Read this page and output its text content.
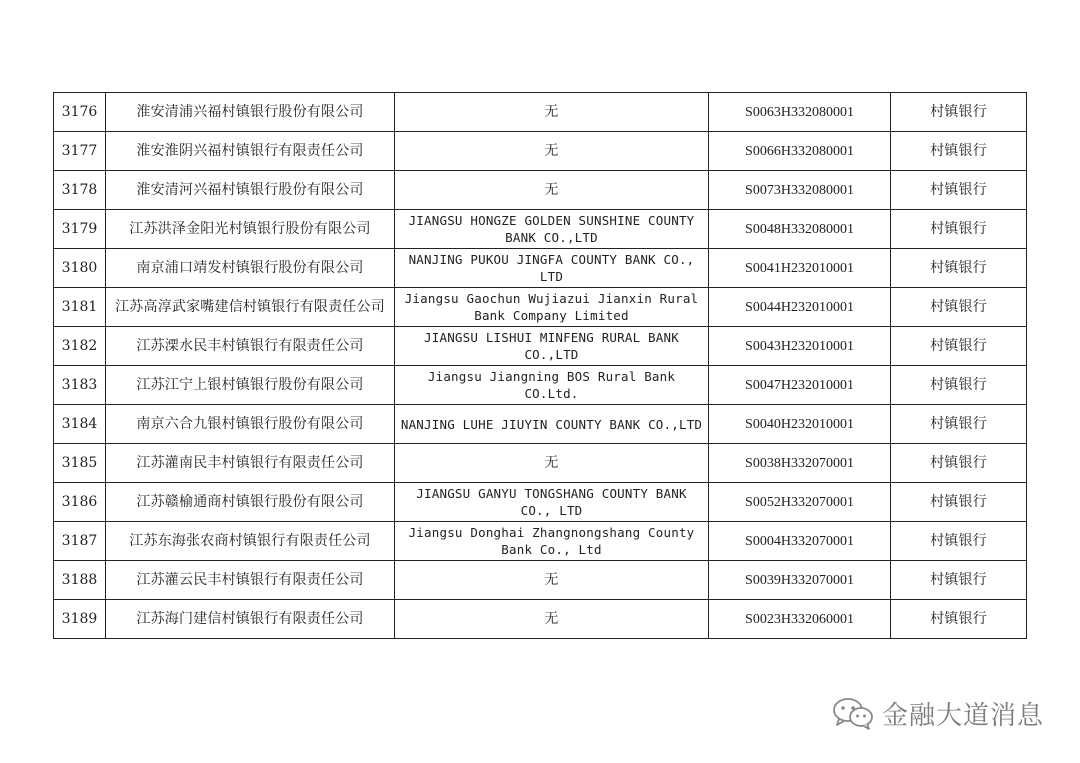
3176	淮安清浦兴福村镇银行股份有限公司	无	S0063H332080001	村镇银行
3177	淮安淮阴兴福村镇银行有限责任公司	无	S0066H332080001	村镇银行
3178	淮安清河兴福村镇银行股份有限公司	无	S0073H332080001	村镇银行
3179	江苏洪泽金阳光村镇银行股份有限公司	JIANGSU HONGZE GOLDEN SUNSHINE COUNTY BANK CO.,LTD	S0048H332080001	村镇银行
3180	南京浦口靖发村镇银行股份有限公司	NANJING PUKOU JINGFA COUNTY BANK CO., LTD	S0041H232010001	村镇银行
3181	江苏高淳武家嘴建信村镇银行有限责任公司	Jiangsu Gaochun Wujiazui Jianxin Rural Bank Company Limited	S0044H232010001	村镇银行
3182	江苏溧水民丰村镇银行有限责任公司	JIANGSU LISHUI MINFENG RURAL BANK CO.,LTD	S0043H232010001	村镇银行
3183	江苏江宁上银村镇银行股份有限公司	Jiangsu Jiangning BOS Rural Bank CO.Ltd.	S0047H232010001	村镇银行
3184	南京六合九银村镇银行股份有限公司	NANJING LUHE JIUYIN COUNTY BANK CO.,LTD	S0040H232010001	村镇银行
3185	江苏灌南民丰村镇银行有限责任公司	无	S0038H332070001	村镇银行
3186	江苏赣榆通商村镇银行股份有限公司	JIANGSU GANYU TONGSHANG COUNTY BANK CO., LTD	S0052H332070001	村镇银行
3187	江苏东海张农商村镇银行有限责任公司	Jiangsu Donghai Zhangnongshang County Bank Co., Ltd	S0004H332070001	村镇银行
3188	江苏灌云民丰村镇银行有限责任公司	无	S0039H332070001	村镇银行
3189	江苏海门建信村镇银行有限责任公司	无	S0023H332060001	村镇银行
金融大道消息
